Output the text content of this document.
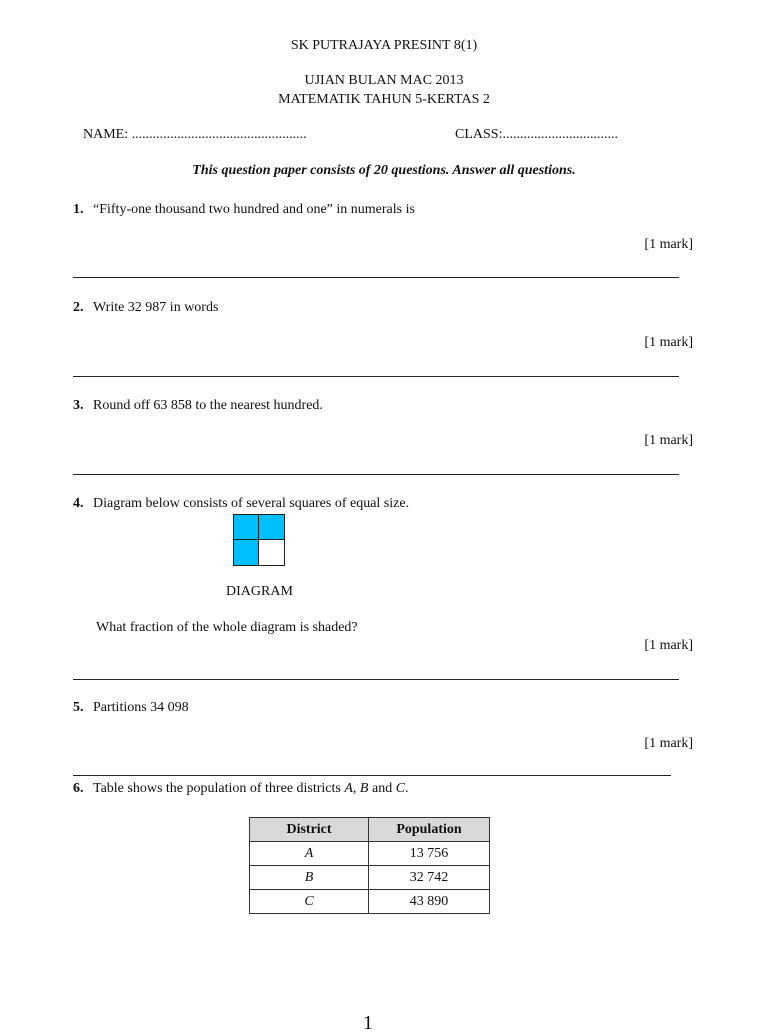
SK PUTRAJAYA PRESINT 8(1)
UJIAN BULAN MAC 2013
MATEMATIK TAHUN 5-KERTAS 2
NAME: ..................................................	CLASS:.................................
This question paper consists of 20 questions. Answer all questions.
1. “Fifty-one thousand two hundred and one” in numerals is
[1 mark]
2. Write 32 987 in words
[1 mark]
3. Round off 63 858 to the nearest hundred.
[1 mark]
4. Diagram below consists of several squares of equal size.
DIAGRAM
What fraction of the whole diagram is shaded?
[1 mark]
5. Partitions 34 098
[1 mark]
6. Table shows the population of three districts A, B and C.
District	Population
A	13 756
B	32 742
C	43 890
1
